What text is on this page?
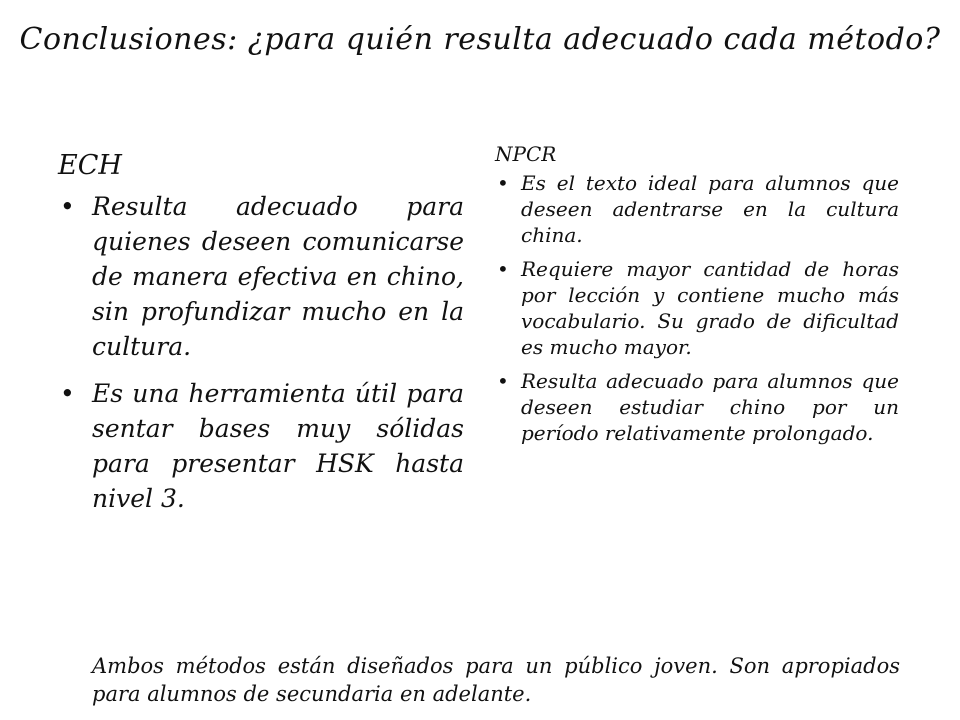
Conclusiones: ¿para quién resulta adecuado cada método?
ECH
• Resulta adecuado para quienes deseen comunicarse de manera efectiva en chino, sin profundizar mucho en la cultura.
• Es una herramienta útil para sentar bases muy sólidas para presentar HSK hasta nivel 3.
NPCR
• Es el texto ideal para alumnos que deseen adentrarse en la cultura china.
• Requiere mayor cantidad de horas por lección y contiene mucho más vocabulario. Su grado de dificultad es mucho mayor.
• Resulta adecuado para alumnos que deseen estudiar chino por un período relativamente prolongado.

Ambos métodos están diseñados para un público joven. Son apropiados para alumnos de secundaria en adelante.
